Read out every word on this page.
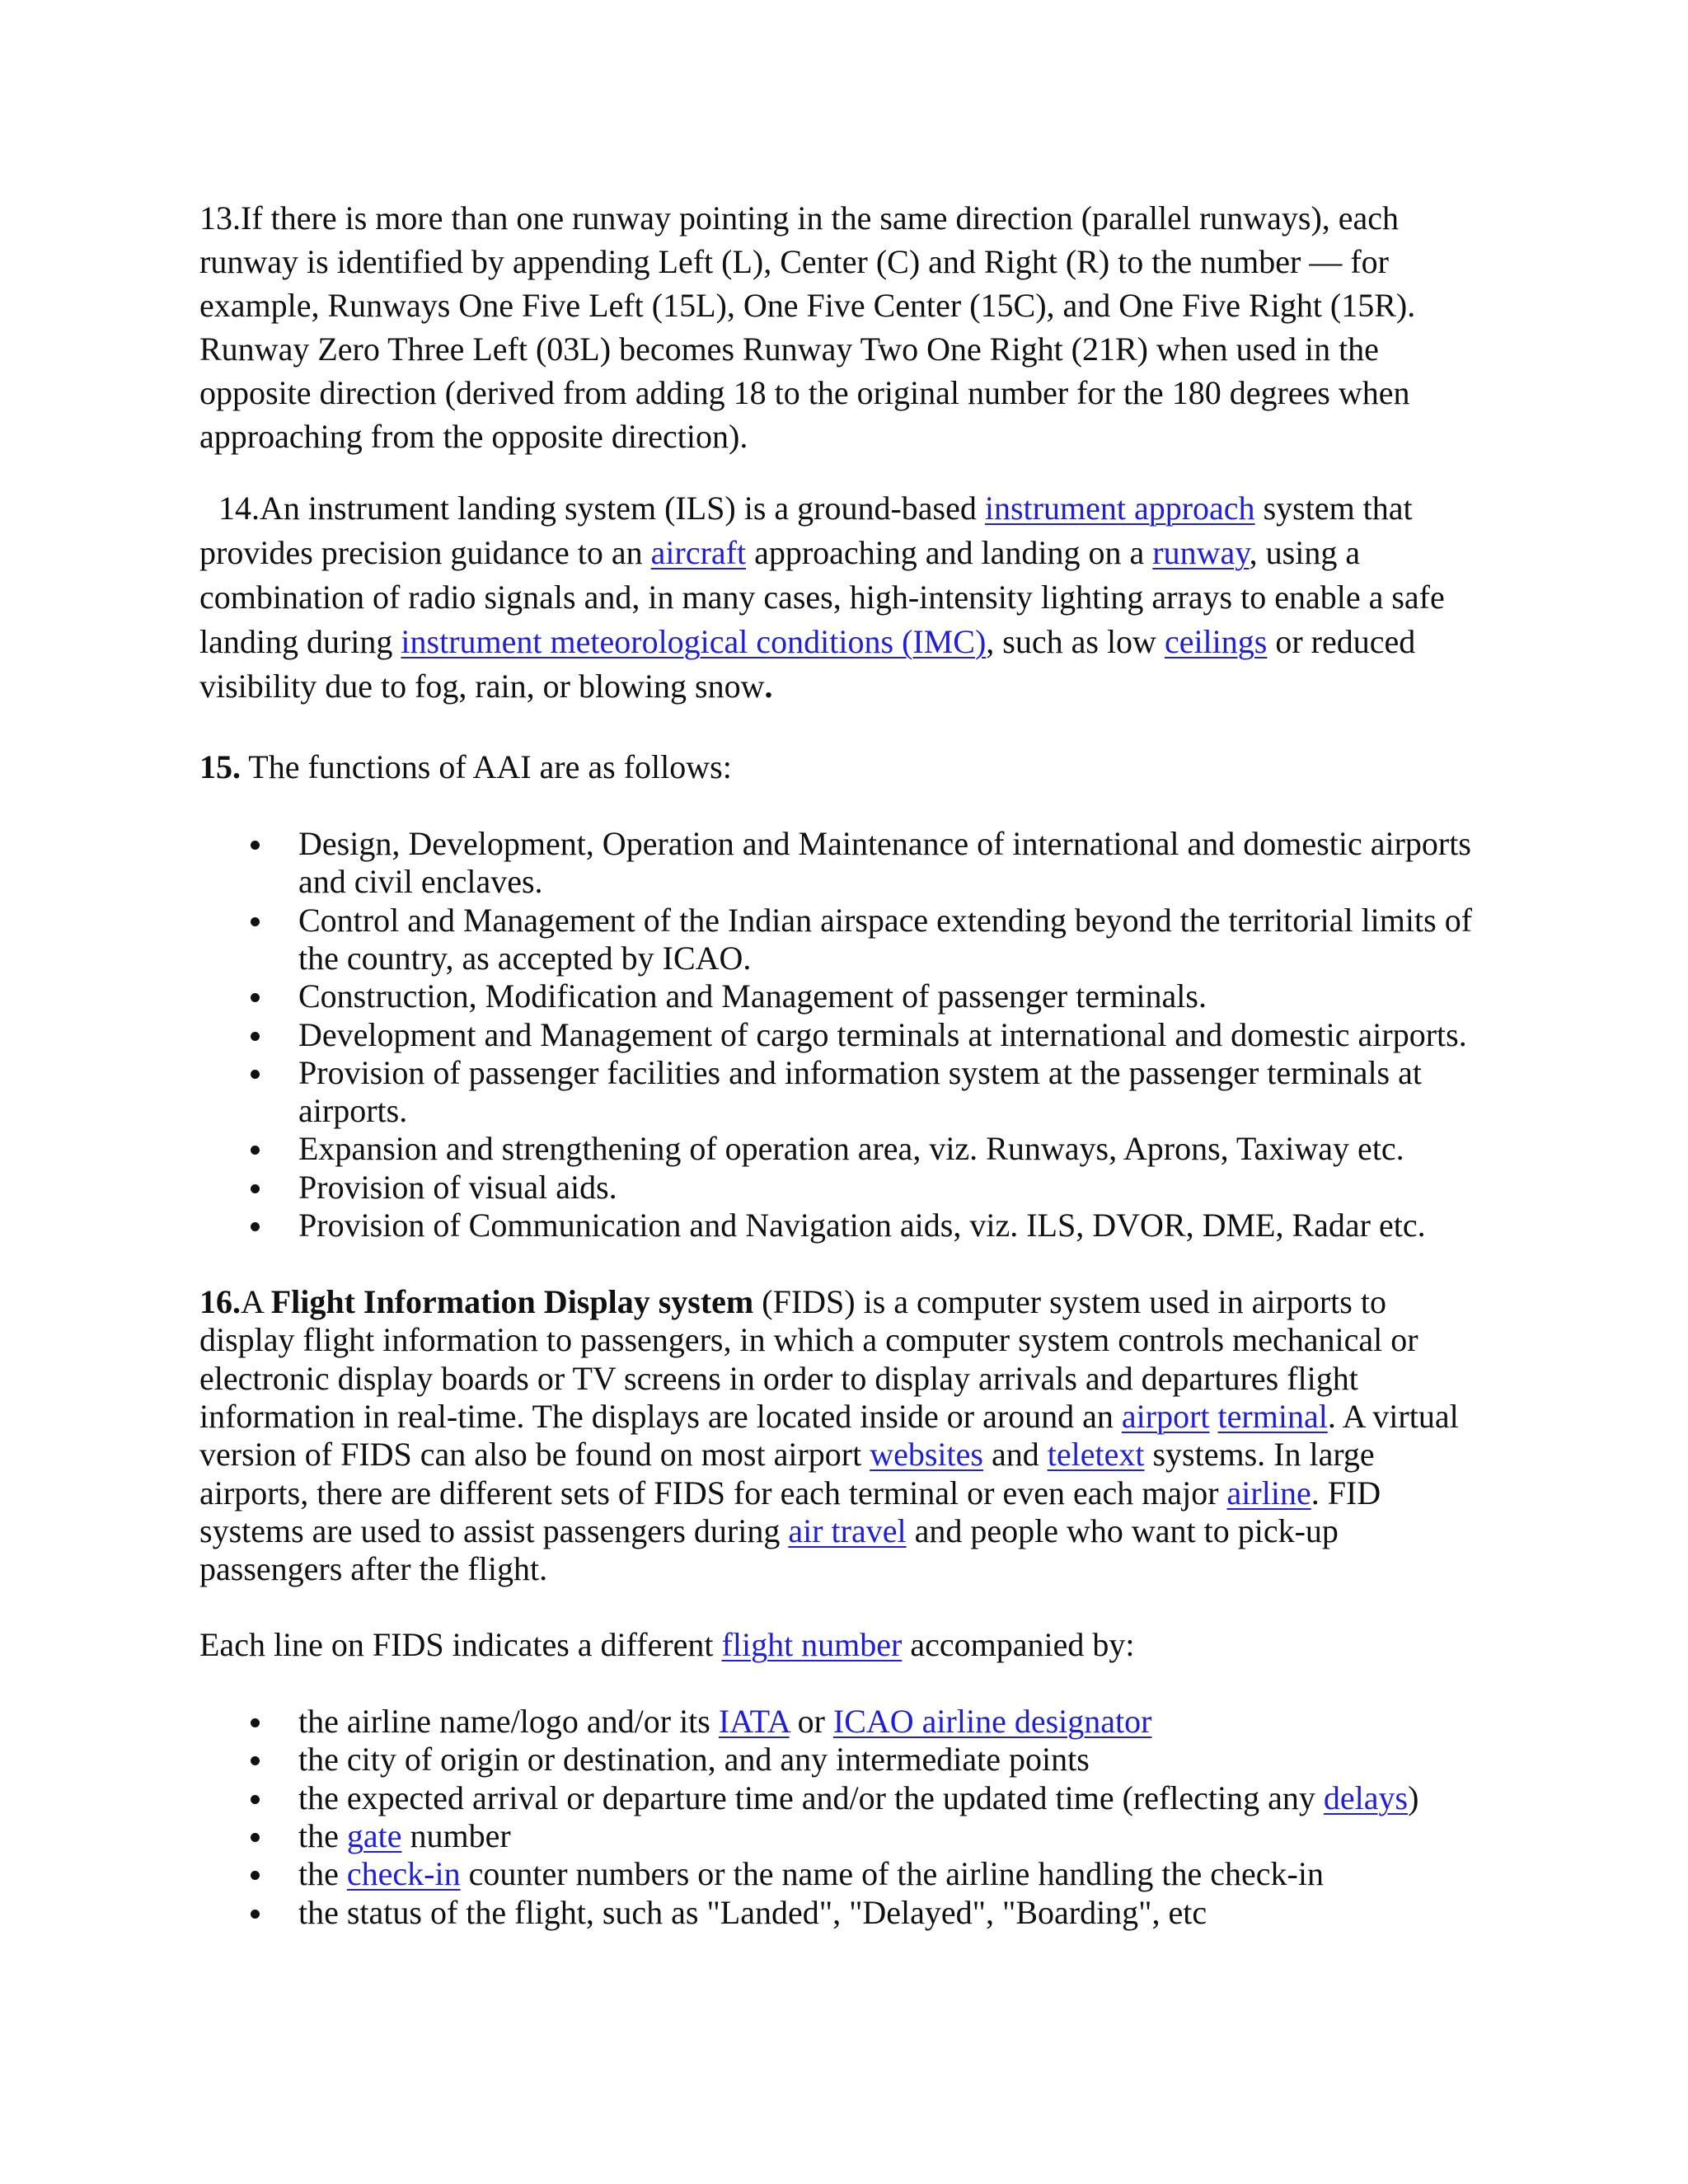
13.If there is more than one runway pointing in the same direction (parallel runways), each
runway is identified by appending Left (L), Center (C) and Right (R) to the number — for
example, Runways One Five Left (15L), One Five Center (15C), and One Five Right (15R).
Runway Zero Three Left (03L) becomes Runway Two One Right (21R) when used in the
opposite direction (derived from adding 18 to the original number for the 180 degrees when
approaching from the opposite direction).
14.An instrument landing system (ILS) is a ground-based instrument approach system that
provides precision guidance to an aircraft approaching and landing on a runway, using a
combination of radio signals and, in many cases, high-intensity lighting arrays to enable a safe
landing during instrument meteorological conditions (IMC), such as low ceilings or reduced
visibility due to fog, rain, or blowing snow.
15. The functions of AAI are as follows:
Design, Development, Operation and Maintenance of international and domestic airports
and civil enclaves.
Control and Management of the Indian airspace extending beyond the territorial limits of
the country, as accepted by ICAO.
Construction, Modification and Management of passenger terminals.
Development and Management of cargo terminals at international and domestic airports.
Provision of passenger facilities and information system at the passenger terminals at
airports.
Expansion and strengthening of operation area, viz. Runways, Aprons, Taxiway etc.
Provision of visual aids.
Provision of Communication and Navigation aids, viz. ILS, DVOR, DME, Radar etc.
16.A Flight Information Display system (FIDS) is a computer system used in airports to
display flight information to passengers, in which a computer system controls mechanical or
electronic display boards or TV screens in order to display arrivals and departures flight
information in real-time. The displays are located inside or around an airport terminal. A virtual
version of FIDS can also be found on most airport websites and teletext systems. In large
airports, there are different sets of FIDS for each terminal or even each major airline. FID
systems are used to assist passengers during air travel and people who want to pick-up
passengers after the flight.
Each line on FIDS indicates a different flight number accompanied by:
the airline name/logo and/or its IATA or ICAO airline designator
the city of origin or destination, and any intermediate points
the expected arrival or departure time and/or the updated time (reflecting any delays)
the gate number
the check-in counter numbers or the name of the airline handling the check-in
the status of the flight, such as "Landed", "Delayed", "Boarding", etc
